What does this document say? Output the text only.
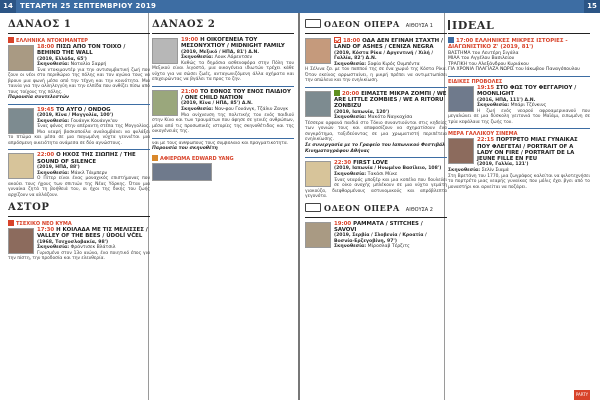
14	ΤΕΤΑΡΤΗ 25 ΣΕΠΤΕΜΒΡΙΟΥ 2019	15
ΔΑΝΑΟΣ 1
ΕΛΛΗΝΙΚΑ ΝΤΟΚΙΜΑΝΤΕΡ
18:00 ΠΙΣΩ ΑΠΟ ΤΟΝ ΤΟΙΧΟ / BEHIND THE WALL
(2019, Ελλάδα, 65')
Σκηνοθεσία: Ναταλία Σαρρή
Ένα ντοκιμαντέρ για την αντισυμβατική ζωή που ζουν οι νέοι στο περιθώριο της πόλης και τον αγώνα τους να βρουν μια φωνή μέσα από την τέχνη και την κοινότητα. Μια ταινία για την αλληλεγγύη και την ελπίδα που ανθίζει πίσω από τους τοίχους της πόλης.
Παρουσία συντελεστών
19:45 ΤΟ ΑΥΓΟ / ÖNDÖG
(2019, Κίνα / Μογγολία, 100')
Σκηνοθεσία: Γουάνγκ Κουάνγκ'αν
Ένας φόνος στην απέραντη στέπα της Μογγολίας. Μια νεαρή βοσκοπούλα αναλαμβάνει να φυλάξει το πτώμα και μέσα σε μια παγωμένη νύχτα γεννιέται μια απρόσμενη οικειότητα ανάμεσα σε δύο αγνώστους.
22:00 Ο ΗΧΟΣ ΤΗΣ ΣΙΩΠΗΣ / THE SOUND OF SILENCE
(2019, ΗΠΑ, 88')
Σκηνοθεσία: Μάικλ Τάιμπερν
Ο Πίτερ είναι ένας μοναχικός επιστήμονας που ακούει τους ήχους των σπιτιών της Νέας Υόρκης. Όταν μια γυναίκα ζητά τη βοήθειά του, οι ήχοι της δικής του ζωής αρχίζουν να αλλάζουν.
ΑΣΤΟΡ
ΤΣΕΧΙΚΟ ΝΕΟ ΚΥΜΑ
17:30 Η ΚΟΙΛΑΔΑ ΜΕ ΤΙΣ ΜΕΛΙΣΣΕΣ / VALLEY OF THE BEES / ÚDOLÍ VČEL
(1968, Τσεχοσλοβακία, 98')
Σκηνοθεσία: Φράντισεκ Βλάτσιλ
Γυρισμένο στον 13ο αιώνα, ένα ποιητικό έπος για την πίστη, την προδοσία και την ελευθερία.
ΔΑΝΑΟΣ 2
19:00 Η ΟΙΚΟΓΕΝΕΙΑ ΤΟΥ ΜΕΣΟΝΥΧΤΙΟΥ / MIDNIGHT FAMILY
(2019, Μεξικό / ΗΠΑ, 81') Δ.Ν.
Σκηνοθεσία: Λουκ Λόρεντσεν
Καθώς τα δημόσια ασθενοφόρα στην Πόλη του Μεξικού είναι λιγοστά, μια οικογένεια ιδιωτών τρέχει κάθε νύχτα για να σώσει ζωές, ανταγωνιζόμενη άλλα οχήματα και επιχειρώντας να βγάλει τα προς το ζην.
21:00 ΤΟ ΕΘΝΟΣ ΤΟΥ ΕΝΟΣ ΠΑΙΔΙΟΥ / ONE CHILD NATION
(2019, Κίνα / ΗΠΑ, 85') Δ.Ν.
Σκηνοθεσία: Ναν-φου Γουάνγκ, Τζάλιν Ζανγκ
Μια ανίχνευση της πολιτικής του ενός παιδιού στην Κίνα και των τραυμάτων που άφησε σε γενιές ανθρώπων, μέσα από τις προσωπικές ιστορίες της σκηνοθέτιδας και της οικογένειάς της.
ναι με τους ανθρώπους τους συμβόλαιο και πραγματικότητα.
Παρουσία του σκηνοθέτη
ΑΦΙΕΡΩΜΑ EDWARD YANG
ΟΔΕΟΝ ΟΠΕΡΑ ΑΙΘΟΥΣΑ 1
18:00 ΟΔΑ ΔΕΝ ΕΓΙΝΑΗ ΣΤΑΧΤΗ / LAND OF ASHES / CENIZA NEGRA
(2019, Κόστα Ρίκα / Αργεντινή / Χιλή / Γαλλία, 82') Δ.Ν.
Σκηνοθεσία: Σοφία Κιρός Ουμπέντα
Η Σέλινα ζει με τον παππού της σε ένα χωριό της Κόστα Ρίκα. Όταν εκείνος αρρωσταίνει, η μικρή πρέπει να αντιμετωπίσει την απώλεια και την ενηλικίωση.
20:00 ΕΙΜΑΣΤΕ ΜΙΚΡΑ ΖΟΜΠΙ / WE ARE LITTLE ZOMBIES / WE A RITORU ZONBIZU
(2019, Ιαπωνία, 120')
Σκηνοθεσία: Μακότο Ναγκαχίσα
Τέσσερα ορφανά παιδιά στο Τόκιο συναντιούνται στις κηδείες των γονιών τους και αποφασίζουν να σχηματίσουν ένα συγκρότημα, ταξιδεύοντας σε μια χρωματιστή περιπέτεια ενηλικίωσης.
Σε συνεργασία με το Γραφείο του Ιαπωνικού Φεστιβάλ Κινηματογράφου Αθήνας
22:30 FIRST LOVE
(2019, Ιαπωνία / Ηνωμένο Βασίλειο, 108')
Σκηνοθεσία: Τακάσι Μίικε
Ένας νεαρός μποξέρ και μια κοπέλα που δουλεύει σε οίκο ανοχής μπλέκουν σε μια νύχτα γεμάτη γιακούζα, διεφθαρμένους αστυνομικούς και απρόβλεπτα γεγονότα.
ΟΔΕΟΝ ΟΠΕΡΑ ΑΙΘΟΥΣΑ 2
19:00 ΡΑΜΜΑΤΑ / STITCHES / SAVOVI
(2019, Σερβία / Σλοβενία / Κροατία / Βοσνία-Ερζεγοβίνη, 97')
Σκηνοθεσία: Μίροσλαβ Τέρζιτς
IDEAL
17:00 ΕΛΛΗΝΙΚΕΣ ΜΙΚΡΕΣ ΙΣΤΟΡΙΕΣ - ΔΙΑΓΩΝΙΣΤΙΚΟ Ζ' (2019, 81')
ΒΑΣΤΗΜΑ του Λευτέρη Σιγάλα
ΜΙΑΑ του Αγγέλου Βασιλείου
ΤΡΑΓΙΚΗ του Αλεξάνδρου Κυριάκου
ΓΙΑ ΧΡΟΝΙΑ ΠΛΑΓΙΑΖΑ ΝΩΡΙΣ του Ιάκωβου Παναγόπουλου
ΕΙΔΙΚΕΣ ΠΡΟΒΟΛΕΣ
19:15 ΣΤΟ ΦΩΣ ΤΟΥ ΦΕΓΓΑΡΙΟΥ / MOONLIGHT
(2016, ΗΠΑ, 111') Δ.Ν.
Σκηνοθεσία: Μπάρι Τζένκινς
Η ζωή ενός νεαρού αφροαμερικανού που μεγαλώνει σε μια δύσκολη γειτονιά του Μαϊάμι, ειπωμένη σε τρία κεφάλαια της ζωής του.
ΜΕΡΑ ΓΑΛΛΙΚΟΥ ΣΙΝΕΜΑ
22:15 ΠΟΡΤΡΕΤΟ ΜΙΑΣ ΓΥΝΑΙΚΑΣ ΠΟΥ ΦΛΕΓΕΤΑΙ / PORTRAIT OF A LADY ON FIRE / PORTRAIT DE LA JEUNE FILLE EN FEU
(2019, Γαλλία, 121')
Σκηνοθεσία: Σελίν Σιαμά
Στη Βρετάνη του 1770, μια ζωγράφος καλείται να φιλοτεχνήσει το πορτρέτο μιας νεαρής γυναίκας που μόλις έχει βγει από το μοναστήρι και αρνείται να ποζάρει.
PARTY
